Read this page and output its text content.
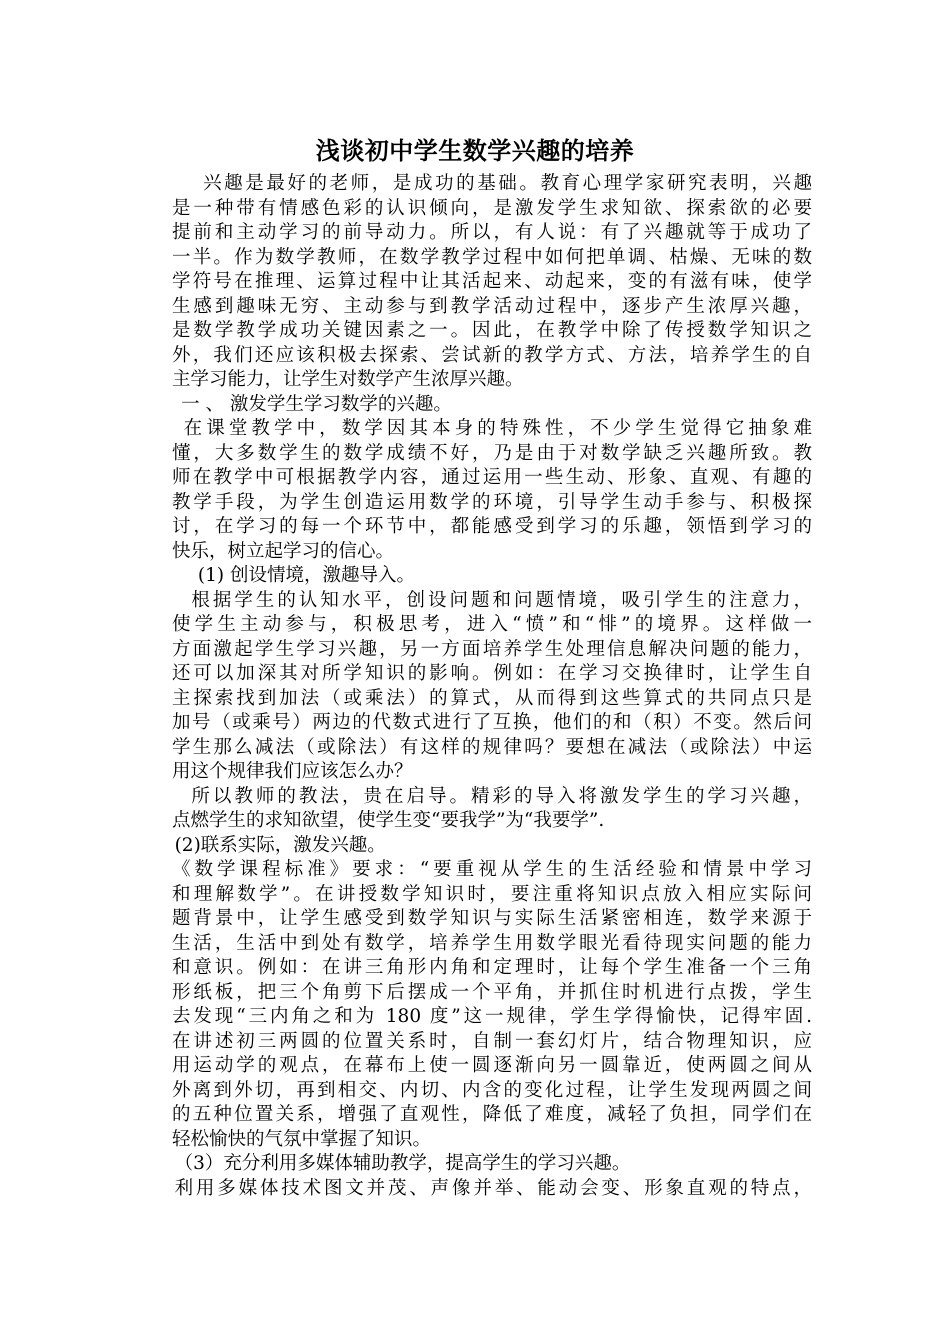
浅谈初中学生数学兴趣的培养
兴趣是最好的老师，是成功的基础。教育心理学家研究表明，兴趣
是一种带有情感色彩的认识倾向，是激发学生求知欲、探索欲的必要
提前和主动学习的前导动力。所以，有人说：有了兴趣就等于成功了
一半。作为数学教师，在数学教学过程中如何把单调、枯燥、无味的数
学符号在推理、运算过程中让其活起来、动起来，变的有滋有味，使学
生感到趣味无穷、主动参与到教学活动过程中，逐步产生浓厚兴趣，
是数学教学成功关键因素之一。因此，在教学中除了传授数学知识之
外，我们还应该积极去探索、尝试新的教学方式、方法，培养学生的自
主学习能力，让学生对数学产生浓厚兴趣。
一 、 激发学生学习数学的兴趣。
在课堂教学中，数学因其本身的特殊性，不少学生觉得它抽象难
懂，大多数学生的数学成绩不好，乃是由于对数学缺乏兴趣所致。教
师在教学中可根据教学内容，通过运用一些生动、形象、直观、有趣的
教学手段，为学生创造运用数学的环境，引导学生动手参与、积极探
讨，在学习的每一个环节中，都能感受到学习的乐趣，领悟到学习的
快乐，树立起学习的信心。
(1) 创设情境，激趣导入。
根据学生的认知水平，创设问题和问题情境，吸引学生的注意力，
使学生主动参与，积极思考，进入“愤”和“悱”的境界。这样做一
方面激起学生学习兴趣，另一方面培养学生处理信息解决问题的能力，
还可以加深其对所学知识的影响。例如：在学习交换律时，让学生自
主探索找到加法（或乘法）的算式，从而得到这些算式的共同点只是
加号（或乘号）两边的代数式进行了互换，他们的和（积）不变。然后问
学生那么减法（或除法）有这样的规律吗？要想在减法（或除法）中运
用这个规律我们应该怎么办？
所以教师的教法，贵在启导。精彩的导入将激发学生的学习兴趣，
点燃学生的求知欲望，使学生变“要我学”为“我要学”.
(2)联系实际，激发兴趣。
《数学课程标准》要求：“要重视从学生的生活经验和情景中学习
和理解数学”。在讲授数学知识时，要注重将知识点放入相应实际问
题背景中，让学生感受到数学知识与实际生活紧密相连，数学来源于
生活，生活中到处有数学，培养学生用数学眼光看待现实问题的能力
和意识。例如：在讲三角形内角和定理时，让每个学生准备一个三角
形纸板，把三个角剪下后摆成一个平角，并抓住时机进行点拨，学生
去发现“三内角之和为 180 度”这一规律，学生学得愉快，记得牢固.
在讲述初三两圆的位置关系时，自制一套幻灯片，结合物理知识，应
用运动学的观点，在幕布上使一圆逐渐向另一圆靠近，使两圆之间从
外离到外切，再到相交、内切、内含的变化过程，让学生发现两圆之间
的五种位置关系，增强了直观性，降低了难度，减轻了负担，同学们在
轻松愉快的气氛中掌握了知识。
（3）充分利用多媒体辅助教学，提高学生的学习兴趣。
利用多媒体技术图文并茂、声像并举、能动会变、形象直观的特点，
